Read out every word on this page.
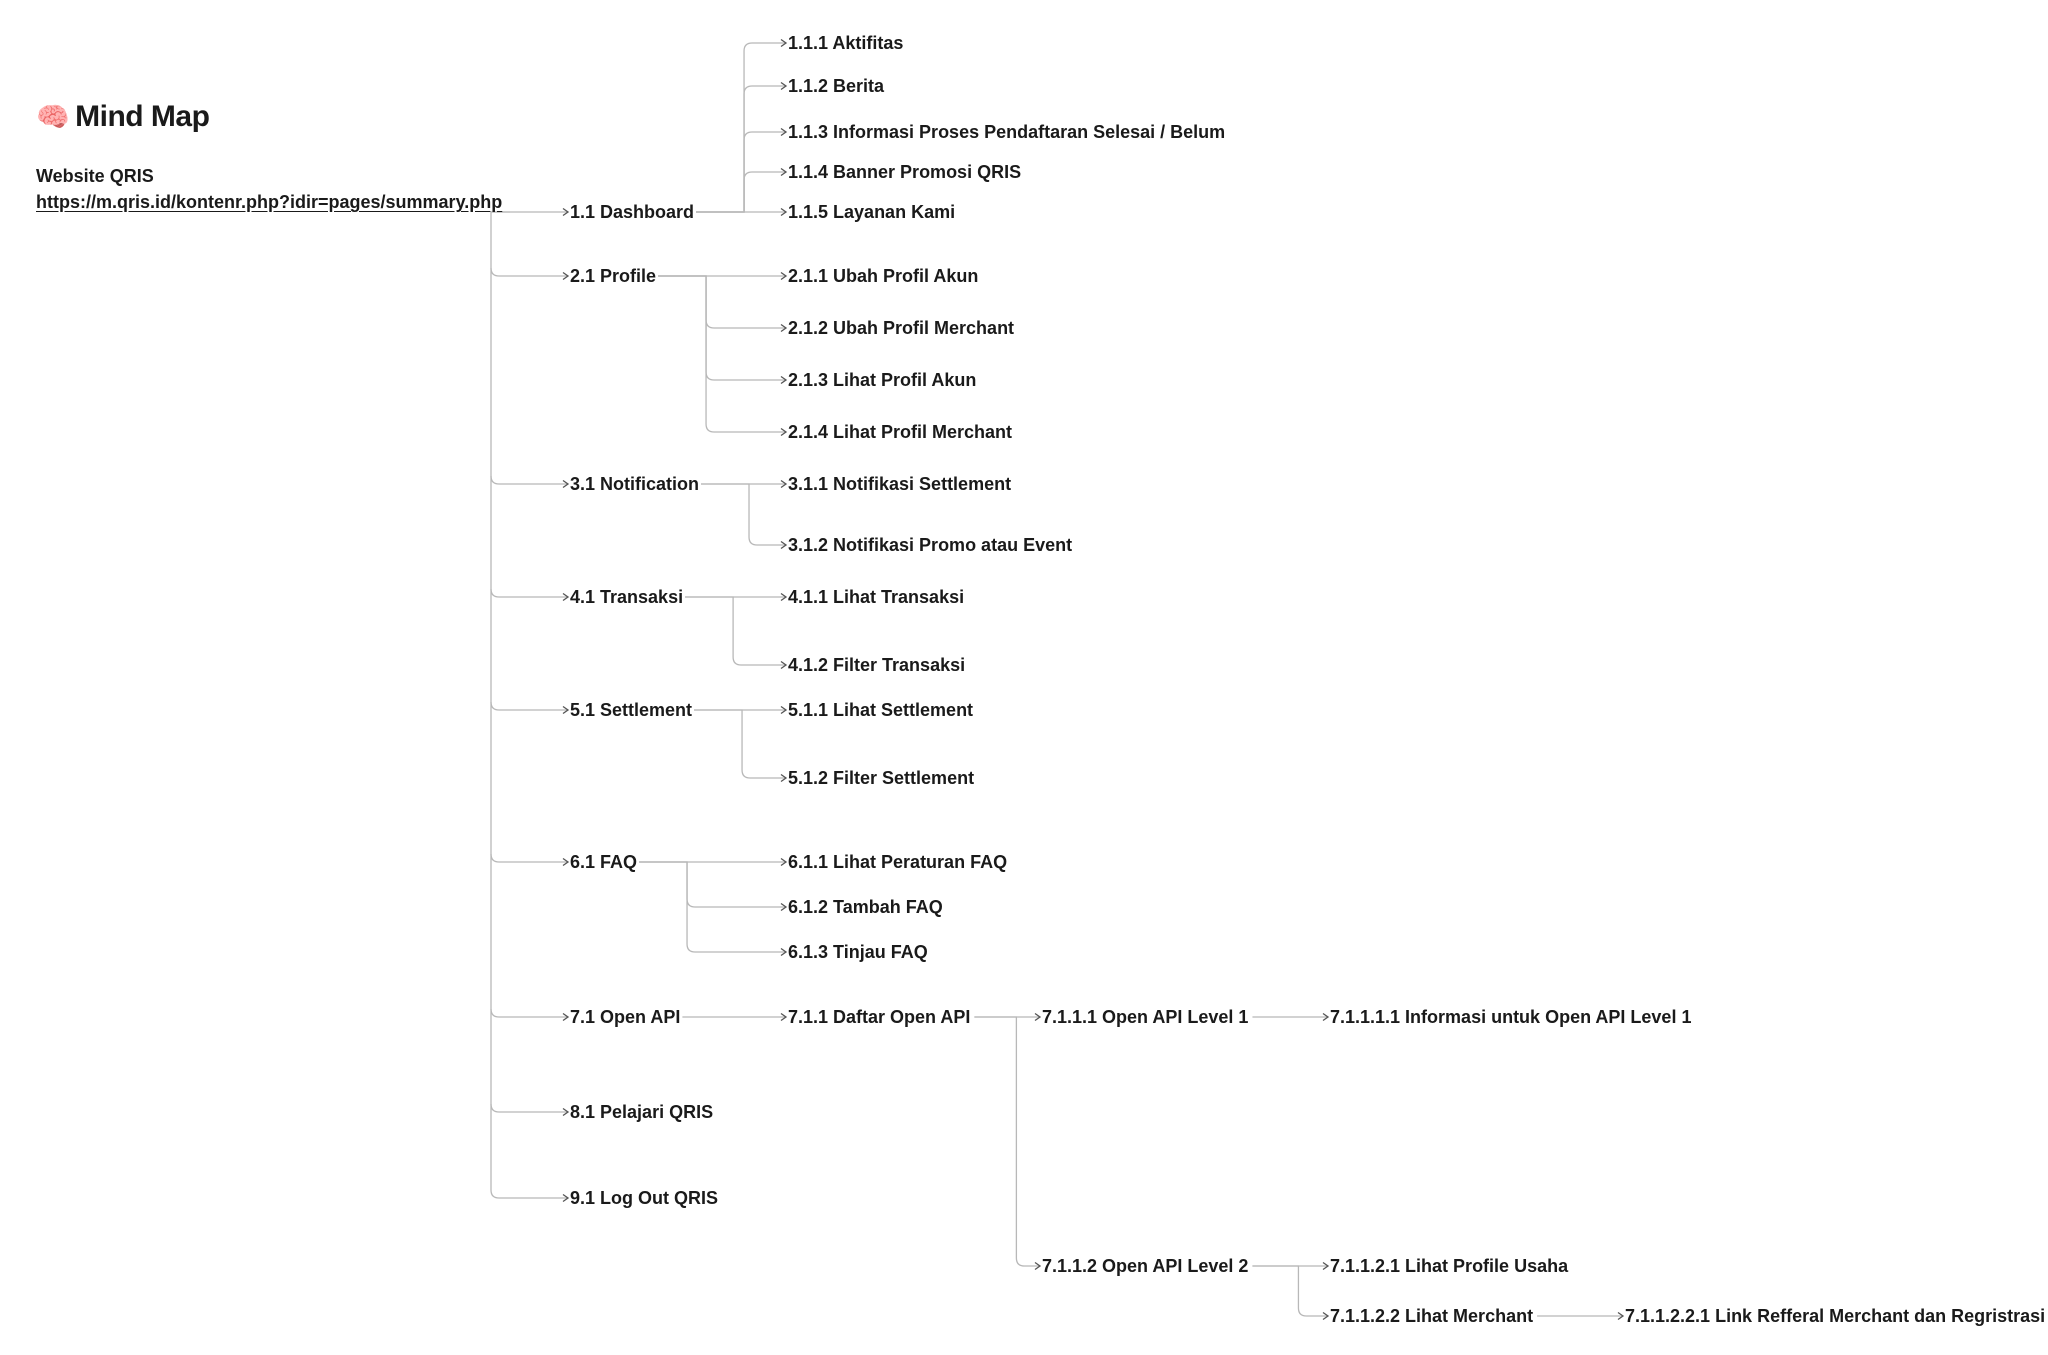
🧠 Mind Map
Website QRIS
https://m.qris.id/kontenr.php?idir=pages/summary.php	1.1 Dashboard
1.1.1 Aktifitas
1.1.2 Berita
1.1.3 Informasi Proses Pendaftaran Selesai / Belum
1.1.4 Banner Promosi QRIS
1.1.5 Layanan Kami
2.1 Profile	2.1.1 Ubah Profil Akun
2.1.2 Ubah Profil Merchant
2.1.3 Lihat Profil Akun
2.1.4 Lihat Profil Merchant
3.1 Notification	3.1.1 Notifikasi Settlement
3.1.2 Notifikasi Promo atau Event
4.1 Transaksi	4.1.1 Lihat Transaksi
4.1.2 Filter Transaksi
5.1 Settlement	5.1.1 Lihat Settlement
5.1.2 Filter Settlement
6.1 FAQ	6.1.1 Lihat Peraturan FAQ
6.1.2 Tambah FAQ
6.1.3 Tinjau FAQ
7.1 Open API	7.1.1 Daftar Open API	7.1.1.1 Open API Level 1	7.1.1.1.1 Informasi untuk Open API Level 1
7.1.1.2 Open API Level 2	7.1.1.2.1 Lihat Profile Usaha
7.1.1.2.2 Lihat Merchant	7.1.1.2.2.1 Link Refferal Merchant dan Regristrasi
8.1 Pelajari QRIS
9.1 Log Out QRIS
